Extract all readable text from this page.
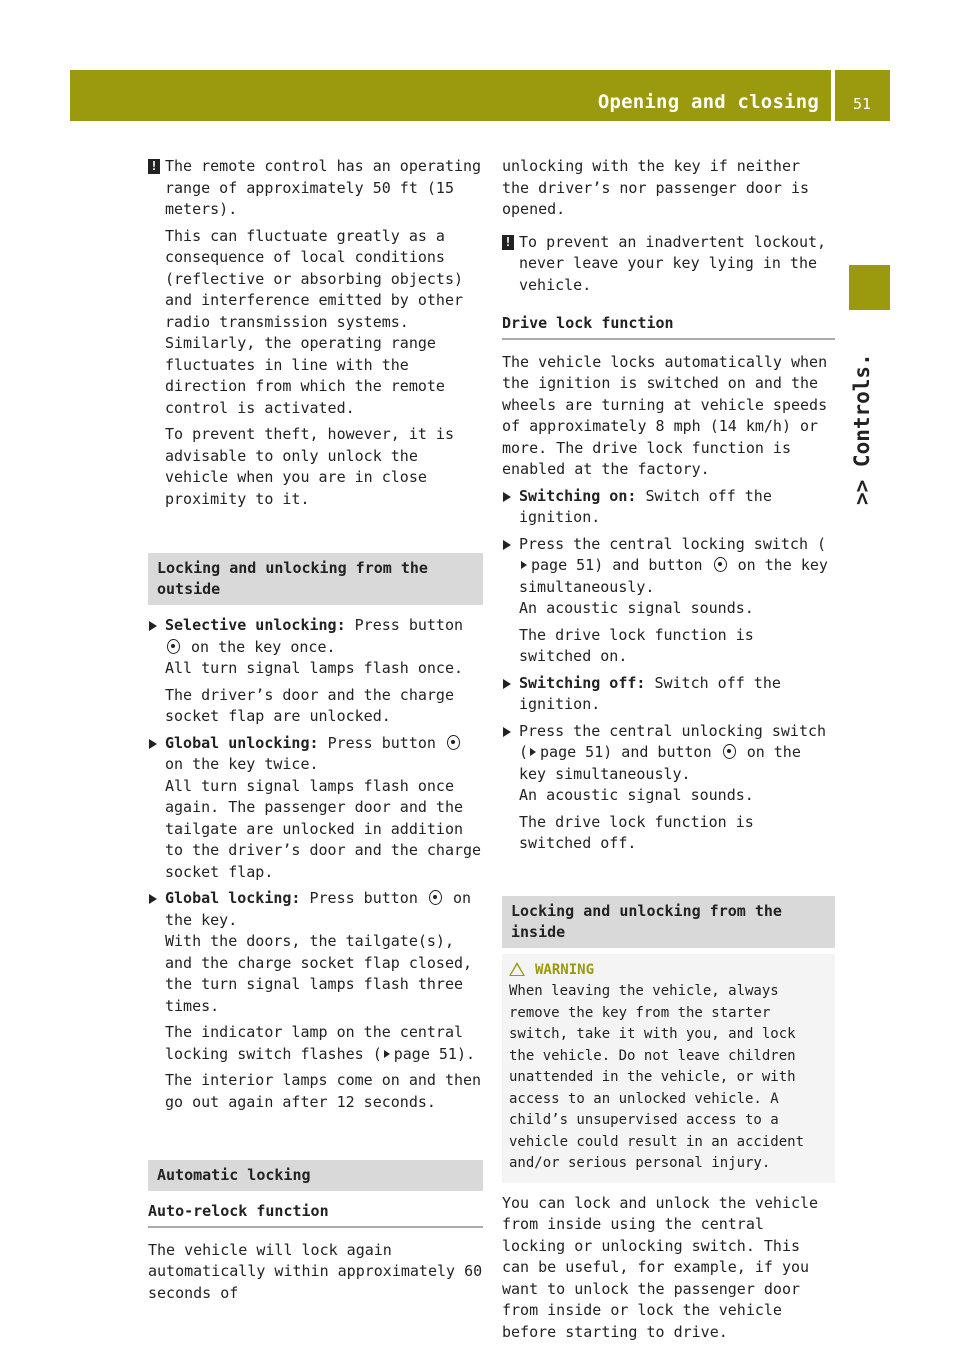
Opening and closing 51
>> Controls.
! The remote control has an operating range of approximately 50 ft (15 meters).

This can fluctuate greatly as a consequence of local conditions (reflective or absorbing objects) and interference emitted by other radio transmission systems. Similarly, the operating range fluctuates in line with the direction from which the remote control is activated.

To prevent theft, however, it is advisable to only unlock the vehicle when you are in close proximity to it.

Locking and unlocking from the outside
Selective unlocking: Press button  on the key once.
All turn signal lamps flash once.

The driver’s door and the charge socket flap are unlocked.

Global unlocking: Press button  on the key twice.
All turn signal lamps flash once again. The passenger door and the tailgate are unlocked in addition to the driver’s door and the charge socket flap.
Global locking: Press button on the key.
With the doors, the tailgate(s), and the charge socket flap closed, the turn signal lamps flash three times.

The indicator lamp on the central locking switch flashes ( page 51).

The interior lamps come on and then go out again after 12 seconds.

Automatic locking
Auto-relock function

The vehicle will lock again automatically within approximately 60 seconds of

unlocking with the key if neither the driver’s nor passenger door is opened.

! To prevent an inadvertent lockout, never leave your key lying in the vehicle.

Drive lock function

The vehicle locks automatically when the ignition is switched on and the wheels are turning at vehicle speeds of approximately 8 mph (14 km/h) or more. The drive lock function is enabled at the factory.

Switching on: Switch off the ignition.
Press the central locking switch (page 51) and button on the key simultaneously.
An acoustic signal sounds.

The drive lock function is switched on.

Switching off: Switch off the ignition.
Press the central unlocking switch ( page 51) and button on the key simultaneously.
An acoustic signal sounds.

The drive lock function is switched off.

Locking and unlocking from the inside
WARNING
When leaving the vehicle, always remove the key from the starter switch, take it with you, and lock the vehicle. Do not leave children unattended in the vehicle, or with access to an unlocked vehicle. A child’s unsupervised access to a vehicle could result in an accident and/or serious personal injury.

You can lock and unlock the vehicle from inside using the central locking or unlocking switch. This can be useful, for example, if you want to unlock the passenger door from inside or lock the vehicle before starting to drive.
